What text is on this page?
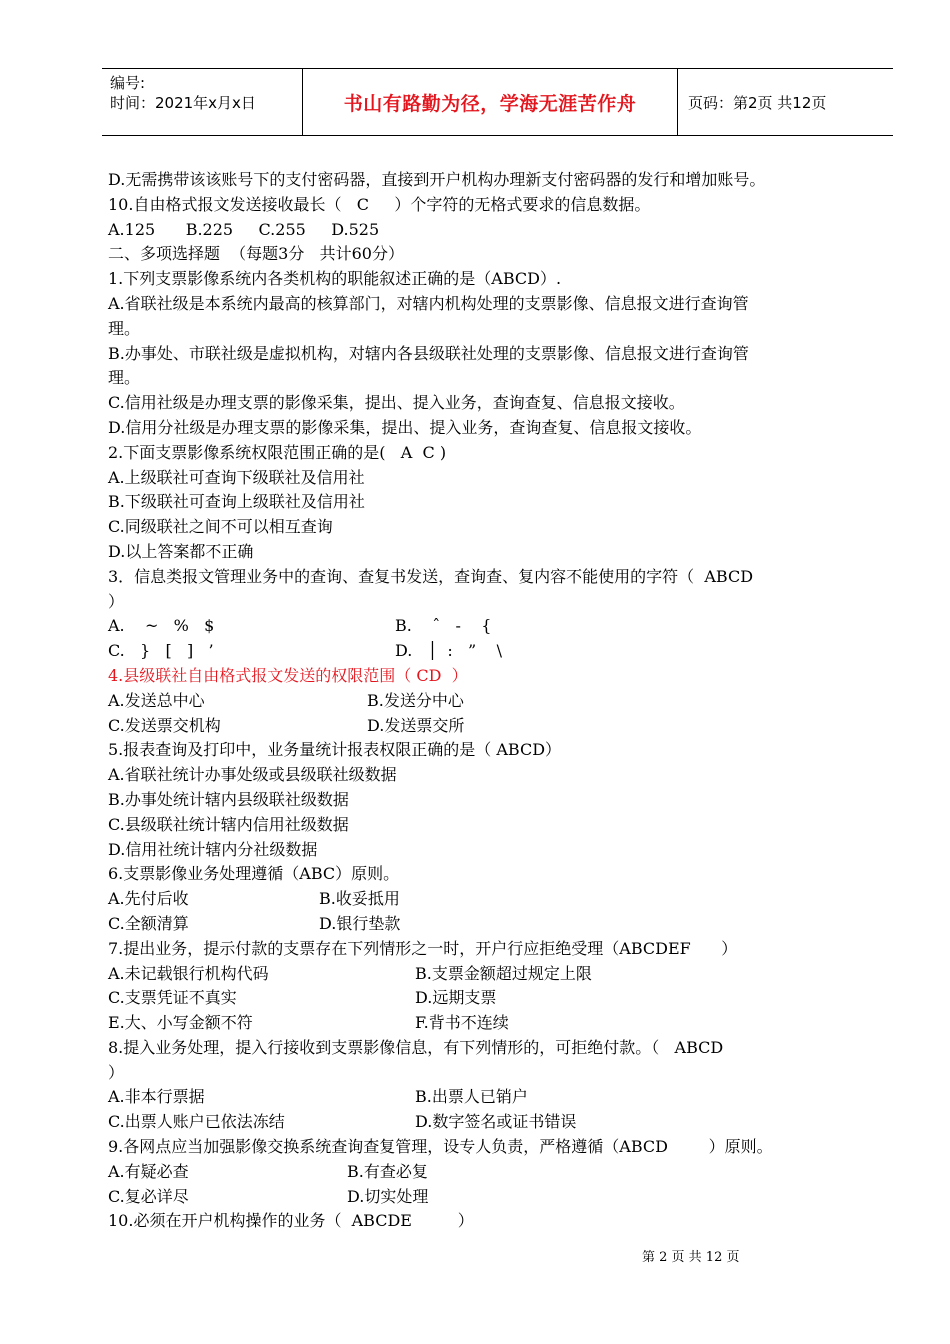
编号:
时间：2021年x月x日	书山有路勤为径，学海无涯苦作舟	页码：第2页 共12页
D.无需携带该该账号下的支付密码器，直接到开户机构办理新支付密码器的发行和增加账号。
10.自由格式报文发送接收最长（   C     ）个字符的无格式要求的信息数据。
A.125      B.225     C.255     D.525
二、多项选择题  （每题3分   共计60分）
1.下列支票影像系统内各类机构的职能叙述正确的是（ABCD）.
A.省联社级是本系统内最高的核算部门，对辖内机构处理的支票影像、信息报文进行查询管
理。
B.办事处、市联社级是虚拟机构，对辖内各县级联社处理的支票影像、信息报文进行查询管
理。
C.信用社级是办理支票的影像采集，提出、提入业务，查询查复、信息报文接收。
D.信用分社级是办理支票的影像采集，提出、提入业务，查询查复、信息报文接收。
2.下面支票影像系统权限范围正确的是(   A  C )
A.上级联社可查询下级联社及信用社
B.下级联社可查询上级联社及信用社
C.同级联社之间不可以相互查询
D.以上答案都不正确
3．信息类报文管理业务中的查询、查复书发送，查询查、复内容不能使用的字符（  ABCD
）

A.    ~   %   $

	B.    ˆ   -    {

C.   }   [   ]   ’

	D.   │  :   ”    \

4.县级联社自由格式报文发送的权限范围（ CD  ）

A.发送总中心

	B.发送分中心

C.发送票交机构

	D.发送票交所

5.报表查询及打印中，业务量统计报表权限正确的是（ ABCD）
A.省联社统计办事处级或县级联社级数据
B.办事处统计辖内县级联社级数据
C.县级联社统计辖内信用社级数据
D.信用社统计辖内分社级数据
6.支票影像业务处理遵循（ABC）原则。

A.先付后收

	B.收妥抵用

C.全额清算

	D.银行垫款

7.提出业务，提示付款的支票存在下列情形之一时，开户行应拒绝受理（ABCDEF      ）

A.未记载银行机构代码

	B.支票金额超过规定上限

C.支票凭证不真实

	D.远期支票

E.大、小写金额不符

	F.背书不连续

8.提入业务处理，提入行接收到支票影像信息，有下列情形的，可拒绝付款。（   ABCD
）

A.非本行票据

	B.出票人已销户

C.出票人账户已依法冻结

	D.数字签名或证书错误

9.各网点应当加强影像交换系统查询查复管理，设专人负责，严格遵循（ABCD        ）原则。

A.有疑必查

	B.有查必复

C.复必详尽

	D.切实处理

10.必须在开户机构操作的业务（  ABCDE         ）
第 2 页 共 12 页
